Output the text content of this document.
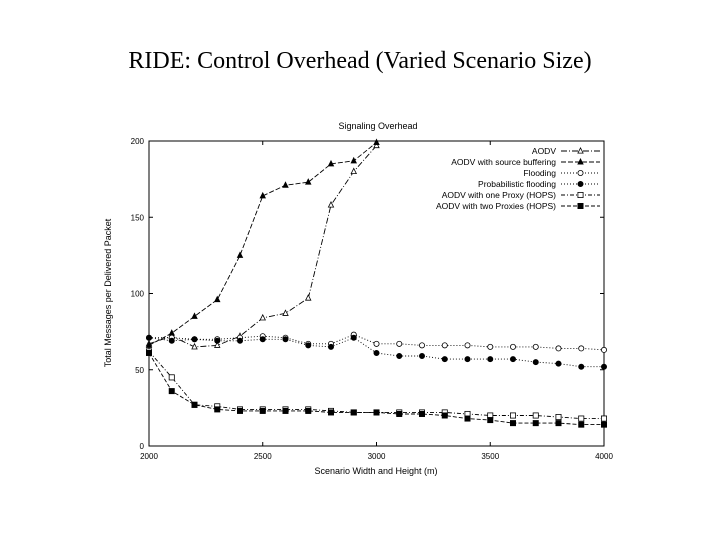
RIDE: Control Overhead (Varied Scenario Size)
Signaling Overhead
2000	2500	3000	3500	4000
0
50
100
150
200
AODV
AODV with source buffering
Flooding
Probabilistic flooding
AODV with one Proxy (HOPS)
AODV with two Proxies (HOPS)
Scenario Width and Height (m)
Total Messages per Delivered Packet
